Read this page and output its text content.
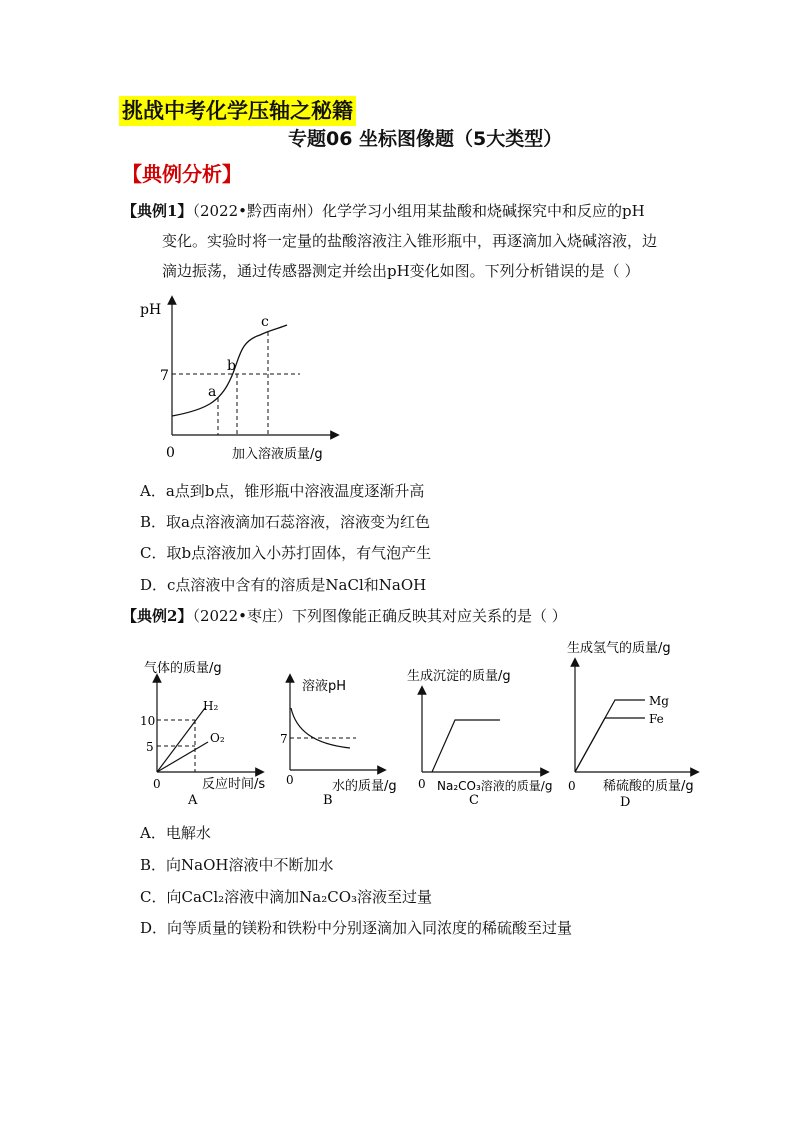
挑战中考化学压轴之秘籍
专题06 坐标图像题（5大类型）
【典例分析】
【典例1】（2022•黔西南州）化学学习小组用某盐酸和烧碱探究中和反应的pH
变化。实验时将一定量的盐酸溶液注入锥形瓶中，再逐滴加入烧碱溶液，边
滴边振荡，通过传感器测定并绘出pH变化如图。下列分析错误的是（ ）
pH
7
0	加入溶液质量/g
a
b
c
A．a点到b点，锥形瓶中溶液温度逐渐升高
B．取a点溶液滴加石蕊溶液，溶液变为红色
C．取b点溶液加入小苏打固体，有气泡产生
D．c点溶液中含有的溶质是NaCl和NaOH
【典例2】（2022•枣庄）下列图像能正确反映其对应关系的是（ ）
气体的质量/g
10
5
H₂
O₂
0	反应时间/s
A
溶液pH
7
0	水的质量/g
B
生成沉淀的质量/g
0 Na₂CO₃溶液的质量/g
C
生成氢气的质量/g
Mg
Fe
0 稀硫酸的质量/g
D
A．电解水
B．向NaOH溶液中不断加水
C．向CaCl₂溶液中滴加Na₂CO₃溶液至过量
D．向等质量的镁粉和铁粉中分别逐滴加入同浓度的稀硫酸至过量
